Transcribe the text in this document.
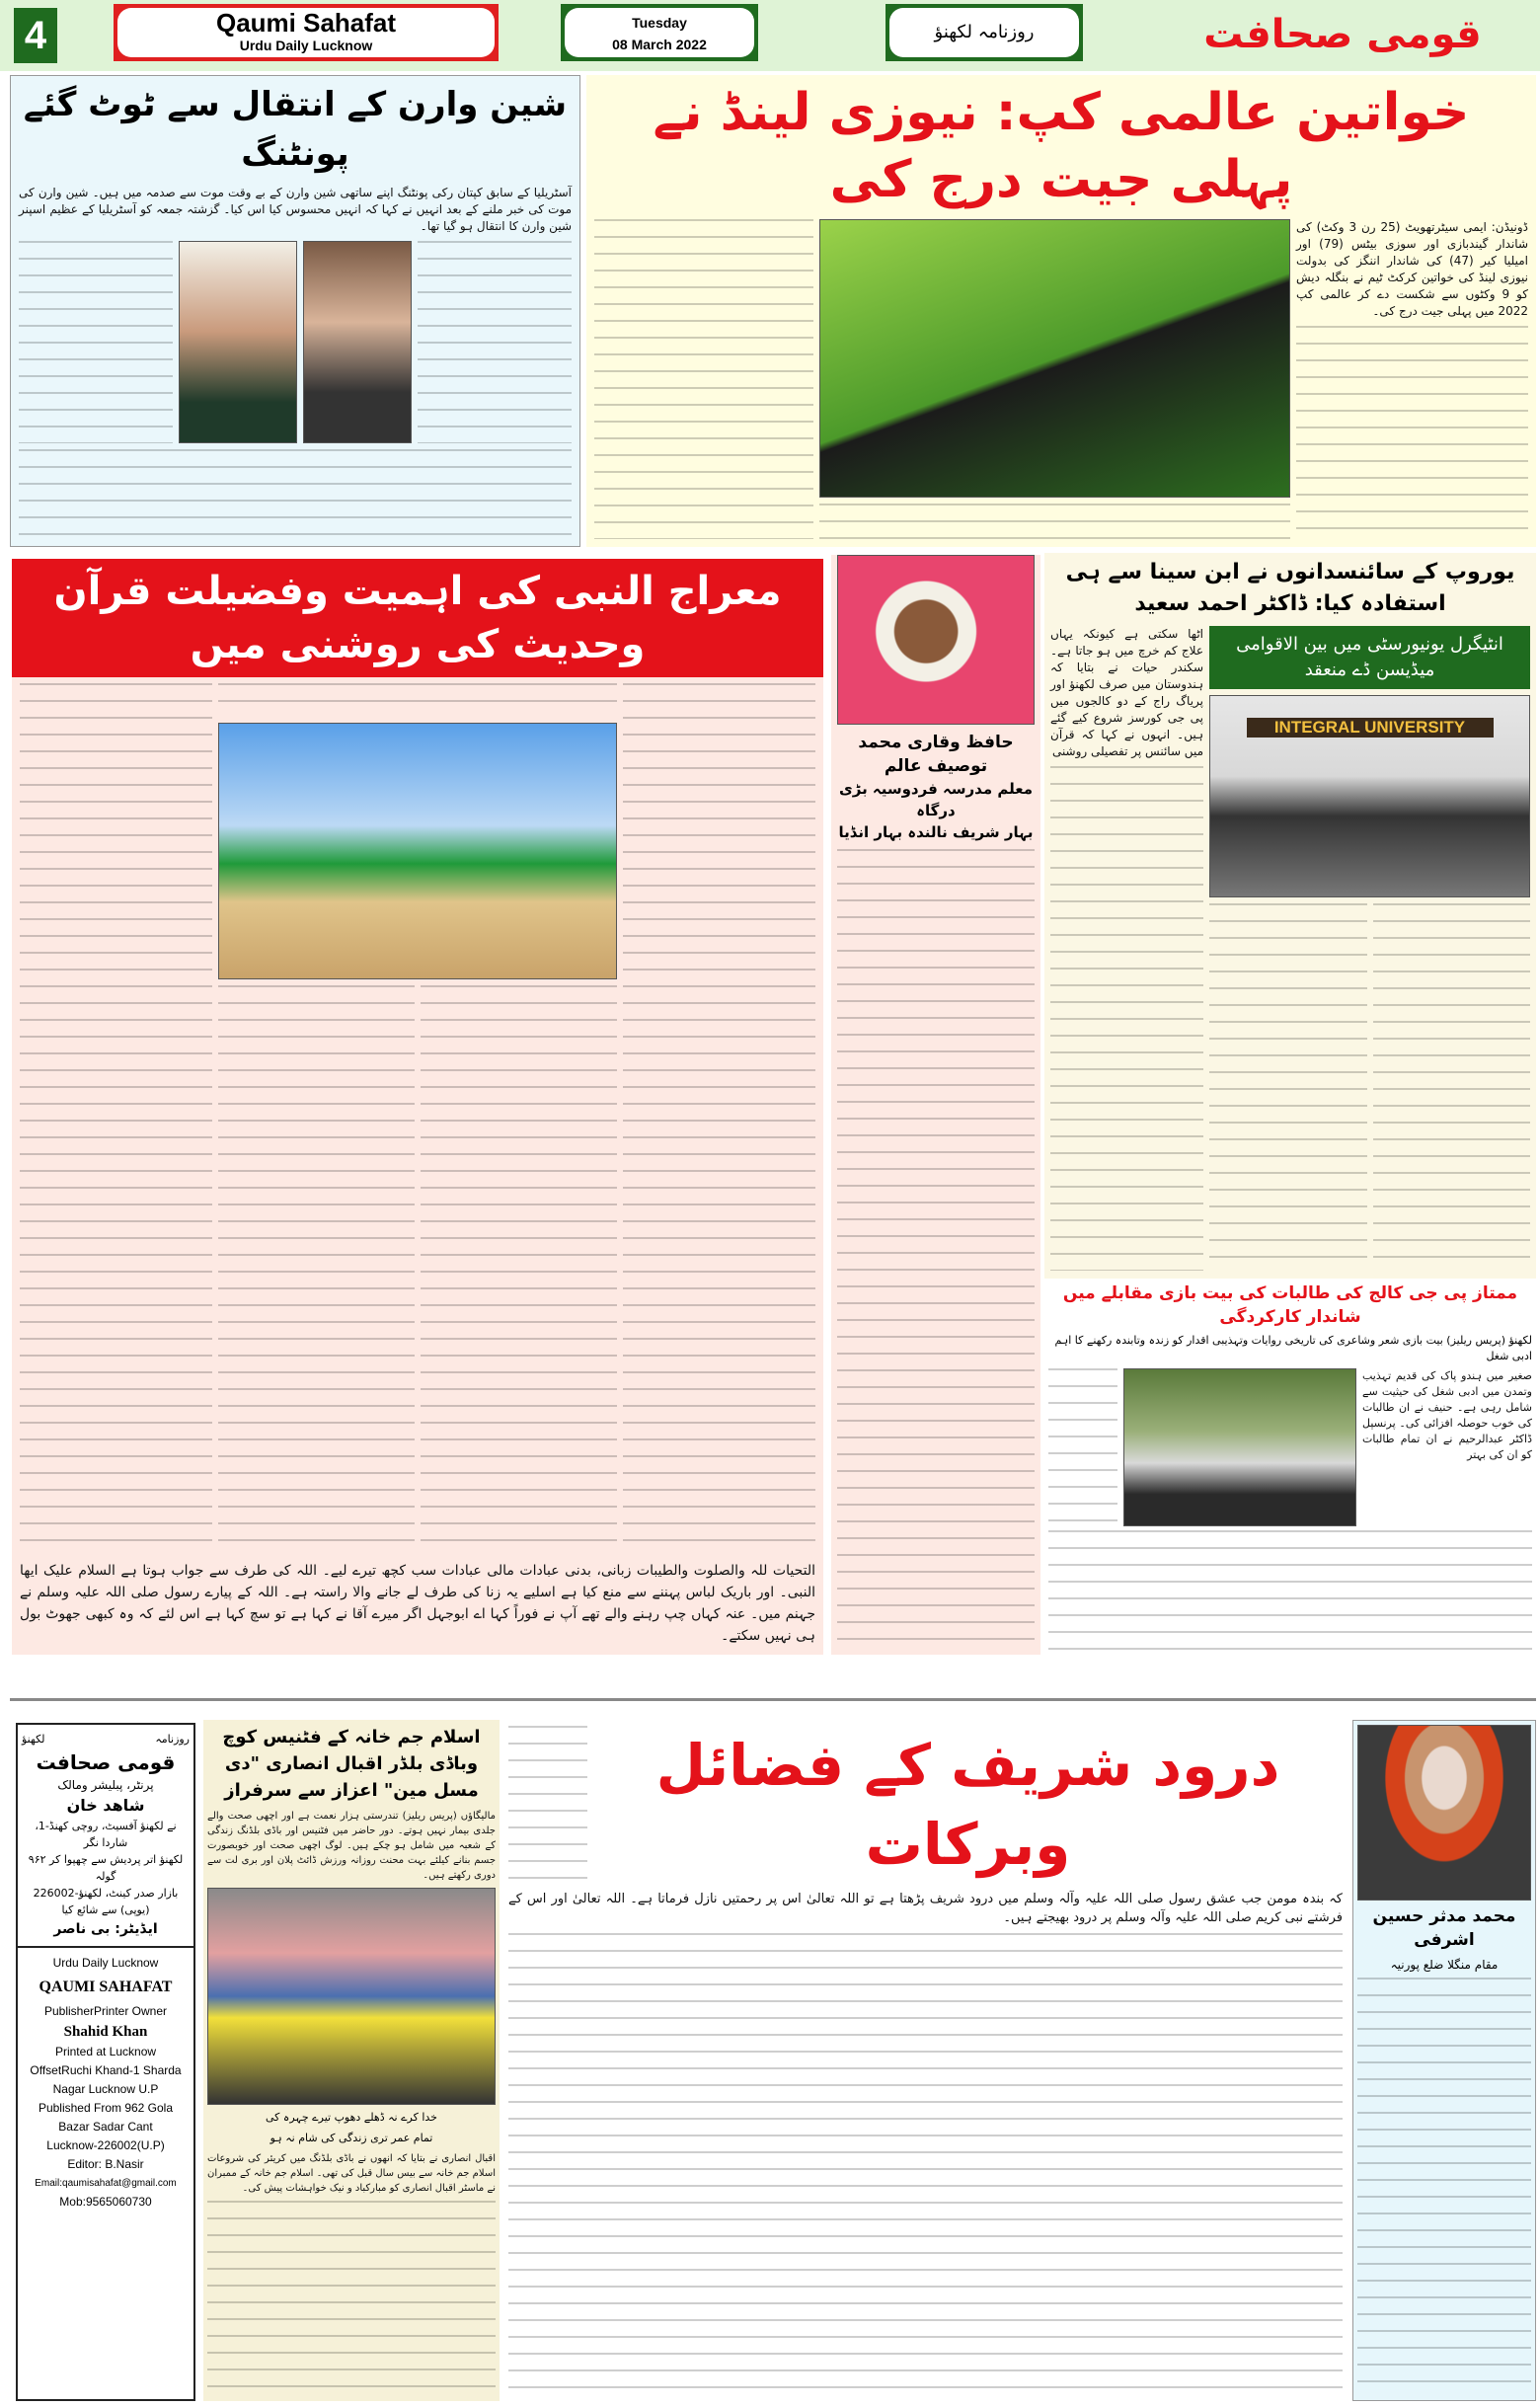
4	Qaumi Sahafat
Urdu Daily Lucknow
Tuesday
08 March 2022
روزنامہ لکھنؤ	قومی صحافت
شین وارن کے انتقال سے ٹوٹ گئے پونٹنگ
آسٹریلیا کے سابق کپتان رکی پونٹنگ اپنے ساتھی شین وارن کے بے وقت موت سے صدمہ میں ہیں۔ شین وارن کی موت کی خبر ملنے کے بعد انہیں نے کہا کہ انہیں محسوس کیا اس کیا۔ گزشتہ جمعہ کو آسٹریلیا کے عظیم اسپنر شین وارن کا انتقال ہو گیا تھا۔
خواتین عالمی کپ: نیوزی لینڈ نے پہلی جیت درج کی
ڈونیڈن: ایمی سیٹرتھویٹ (25 رن 3 وکٹ) کی شاندار گیندبازی اور سوزی بیٹس (79) اور امیلیا کیر (47) کی شاندار اننگز کی بدولت نیوزی لینڈ کی خواتین کرکٹ ٹیم نے بنگلہ دیش کو 9 وکٹوں سے شکست دے کر عالمی کپ 2022 میں پہلی جیت درج کی۔
معراج النبی کی اہمیت وفضیلت قرآن وحدیث کی روشنی میں
التحیات للہ والصلوت والطیبات زبانی، بدنی عبادات مالی عبادات سب کچھ تیرے لیے۔ اللہ کی طرف سے جواب ہوتا ہے السلام علیک ایھا النبی۔ اور باریک لباس پہننے سے منع کیا ہے اسلیے یہ زنا کی طرف لے جانے والا راستہ ہے۔ اللہ کے پیارے رسول صلی اللہ علیہ وسلم نے جہنم میں۔ عنہ کہاں چپ رہنے والے تھے آپ نے فوراً کہا اے ابوجہل اگر میرے آقا نے کہا ہے تو سچ کہا ہے اس لئے کہ وہ کبھی جھوٹ بول ہی نہیں سکتے۔
حافظ وقاری محمد توصیف عالم
معلم مدرسہ فردوسیہ بڑی درگاہ
بہار شریف نالندہ بہار انڈیا
یوروپ کے سائنسدانوں نے ابن سینا سے ہی استفادہ کیا: ڈاکٹر احمد سعید
انٹیگرل یونیورسٹی میں بین الاقوامی میڈیسن ڈے منعقد
INTEGRAL UNIVERSITY
اٹھا سکتی ہے کیونکہ یہاں علاج کم خرچ میں ہو جاتا ہے۔ سکندر حیات نے بتایا کہ ہندوستان میں صرف لکھنؤ اور پریاگ راج کے دو کالجوں میں پی جی کورسز شروع کیے گئے ہیں۔ انہوں نے کہا کہ قرآن میں سائنس پر تفصیلی روشنی
ممتاز پی جی کالج کی طالبات کی بیت بازی مقابلے میں شاندار کارکردگی
لکھنؤ (پریس ریلیز) بیت بازی شعر وشاعری کی تاریخی روایات وتہذیبی اقدار کو زندہ وتابندہ رکھنے کا اہم ادبی شغل
صغیر میں ہندو پاک کی قدیم تہذیب وتمدن میں ادبی شغل کی حیثیت سے شامل رہی ہے۔ حنیف نے ان طالبات کی خوب حوصلہ افزائی کی۔ پرنسپل ڈاکٹر عبدالرحیم نے ان تمام طالبات کو ان کی بہتر
روزنامہ
لکھنؤ
قومی صحافت
پرنٹر، پبلیشر ومالک
شاھد خان
نے لکھنؤ آفسیٹ، روچی کھنڈ-1، شاردا نگر
لکھنؤ اتر پردیش سے چھپوا کر ۹۶۲ گولہ
بازار صدر کینٹ، لکھنؤ-226002
(یوپی) سے شائع کیا
ایڈیٹر: بی ناصر
Urdu Daily Lucknow
QAUMI SAHAFAT
PublisherPrinter Owner
Shahid Khan
Printed at Lucknow
OffsetRuchi Khand-1 Sharda
Nagar Lucknow U.P
Published From 962 Gola
Bazar Sadar Cant
Lucknow-226002(U.P)
Editor: B.Nasir
Email:qaumisahafat@gmail.com
Mob:9565060730
اسلام جم خانہ کے فٹنیس کوچ وباڈی بلڈر اقبال انصاری "دی مسل مین" اعزاز سے سرفراز
مالیگاؤں (پریس ریلیز) تندرستی ہزار نعمت ہے اور اچھی صحت والے جلدی بیمار نہیں ہوتے۔ دور حاضر میں فٹنیس اور باڈی بلڈنگ زندگی کے شعبہ میں شامل ہو چکے ہیں۔ لوگ اچھی صحت اور خوبصورت جسم بنانے کیلئے بہت محنت روزانہ ورزش ڈائٹ پلان اور بری لت سے دوری رکھتے ہیں۔
خدا کرے نہ ڈھلے دھوپ تیرے چہرہ کی
تمام عمر تری زندگی کی شام نہ ہو
اقبال انصاری نے بتایا کہ انھوں نے باڈی بلڈنگ میں کریئر کی شروعات اسلام جم خانہ سے بیس سال قبل کی تھی۔ اسلام جم خانہ کے ممبران نے ماسٹر اقبال انصاری کو مبارکباد و نیک خواہشات پیش کی۔
درود شریف کے فضائل وبرکات
کہ بندہ مومن جب عشق رسول صلی اللہ علیہ وآلہ وسلم میں درود شریف پڑھتا ہے تو اللہ تعالیٰ اس پر رحمتیں نازل فرماتا ہے۔ اللہ تعالیٰ اور اس کے فرشتے نبی کریم صلی اللہ علیہ وآلہ وسلم پر درود بھیجتے ہیں۔	محمد مدثر حسین اشرفی
مقام منگلا ضلع پورنیہ
